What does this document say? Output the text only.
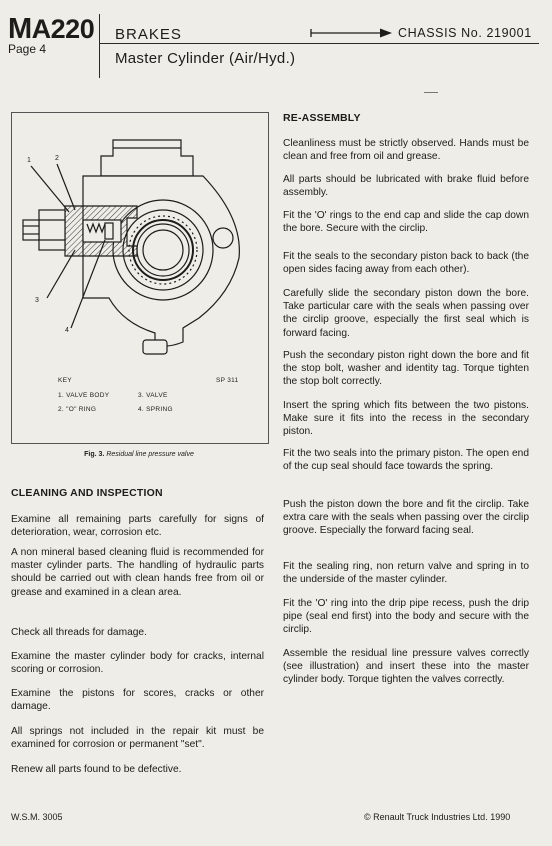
MA220
Page 4
BRAKES
Master Cylinder (Air/Hyd.)
CHASSIS No. 219001
1	2
3
4
KEY	SP 311
1. VALVE BODY	3. VALVE
2. "O" RING	4. SPRING
Fig. 3. Residual line pressure valve
CLEANING AND INSPECTION
Examine all remaining parts carefully for signs of deterioration, wear, corrosion etc.
A non mineral based cleaning fluid is recommended for master cylinder parts. The handling of hydraulic parts should be carried out with clean hands free from oil or grease and examined in a clean area.
Check all threads for damage.
Examine the master cylinder body for cracks, internal scoring or corrosion.
Examine the pistons for scores, cracks or other damage.
All springs not included in the repair kit must be examined for corrosion or permanent "set".
Renew all parts found to be defective.
RE-ASSEMBLY
Cleanliness must be strictly observed. Hands must be clean and free from oil and grease.
All parts should be lubricated with brake fluid before assembly.
Fit the 'O' rings to the end cap and slide the cap down the bore. Secure with the circlip.
Fit the seals to the secondary piston back to back (the open sides facing away from each other).
Carefully slide the secondary piston down the bore. Take particular care with the seals when passing over the circlip groove, especially the first seal which is forward facing.
Push the secondary piston right down the bore and fit the stop bolt, washer and identity tag. Torque tighten the stop bolt correctly.
Insert the spring which fits between the two pistons. Make sure it fits into the recess in the secondary piston.
Fit the two seals into the primary piston. The open end of the cup seal should face towards the spring.
Push the piston down the bore and fit the circlip. Take extra care with the seals when passing over the circlip groove. Especially the forward facing seal.
Fit the sealing ring, non return valve and spring in to the underside of the master cylinder.
Fit the 'O' ring into the drip pipe recess, push the drip pipe (seal end first) into the body and secure with the circlip.
Assemble the residual line pressure valves correctly (see illustration) and insert these into the master cylinder body. Torque tighten the valves correctly.
W.S.M. 3005	© Renault Truck Industries Ltd. 1990
